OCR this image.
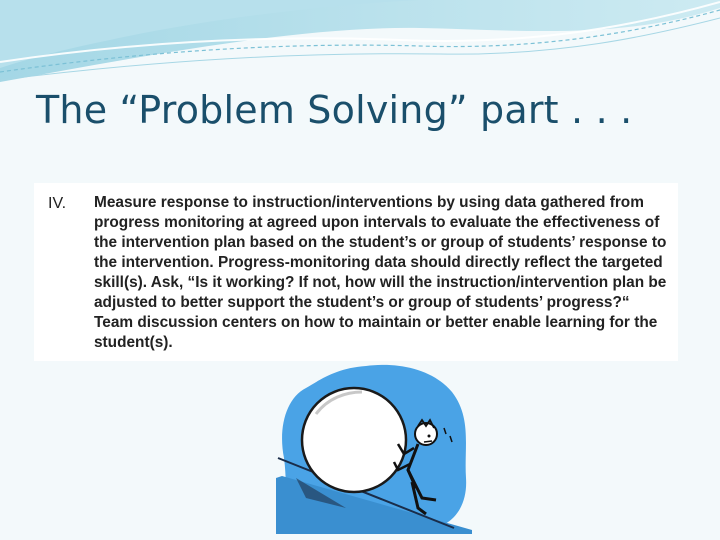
The “Problem Solving” part . . .
IV. Measure response to instruction/interventions by using data gathered from progress monitoring at agreed upon intervals to evaluate the effectiveness of the intervention plan based on the student’s or group of students’ response to the intervention. Progress-monitoring data should directly reflect the targeted skill(s). Ask, “Is it working? If not, how will the instruction/intervention plan be adjusted to better support the student’s or group of students’ progress?“ Team discussion centers on how to maintain or better enable learning for the student(s).
